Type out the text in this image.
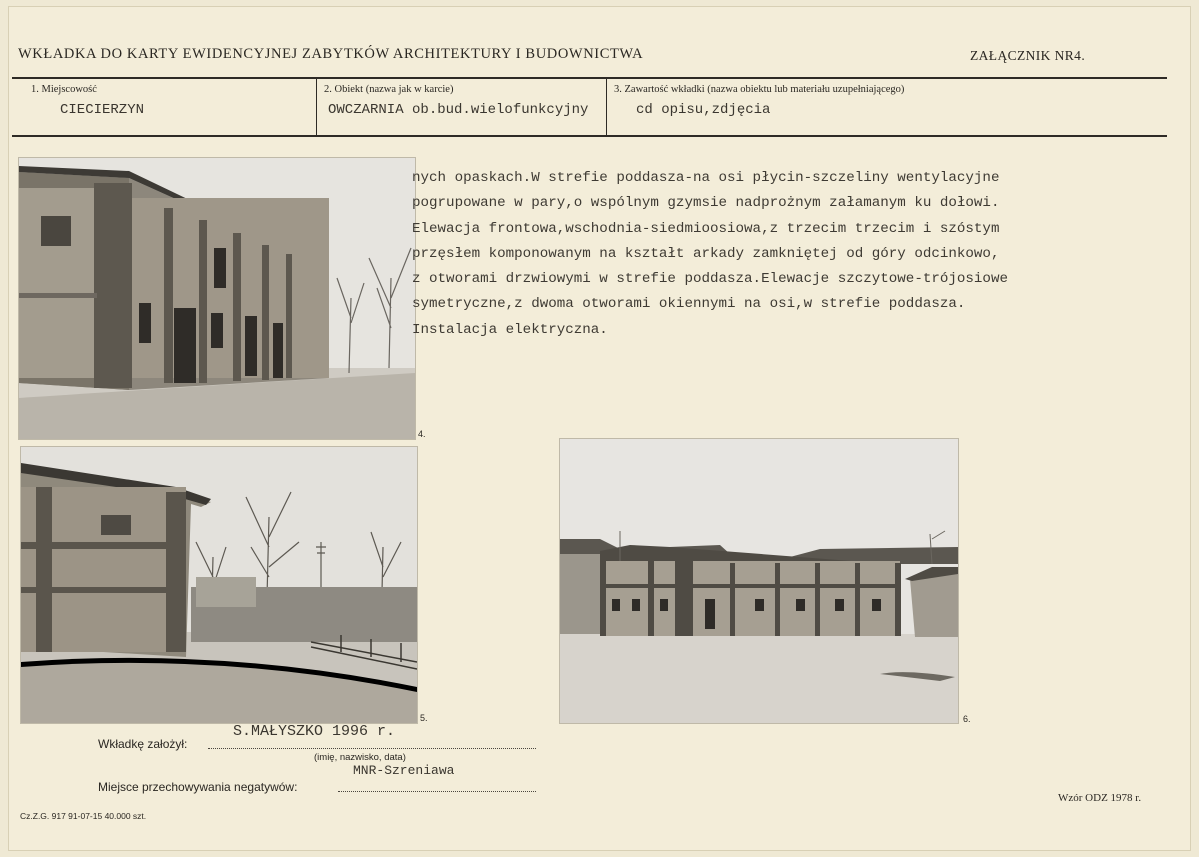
WKŁADKA DO KARTY EWIDENCYJNEJ ZABYTKÓW ARCHITEKTURY I BUDOWNICTWA	ZAŁĄCZNIK NR4.
1. Miejscowość
CIECIERZYN
2. Obiekt (nazwa jak w karcie)
OWCZARNIA ob.bud.wielofunkcyjny
3. Zawartość wkładki (nazwa obiektu lub materiału uzupełniającego)
cd opisu,zdjęcia
4.
5.	6.
nych opaskach.W strefie poddasza-na osi płycin-szczeliny wentylacyjne
pogrupowane w pary,o wspólnym gzymsie nadprożnym załamanym ku dołowi.
Elewacja frontowa,wschodnia-siedmioosiowa,z trzecim trzecim i szóstym
przęsłem komponowanym na kształt arkady zamkniętej od góry odcinkowo,
z otworami drzwiowymi w strefie poddasza.Elewacje szczytowe-trójosiowe
symetryczne,z dwoma otworami okiennymi na osi,w strefie poddasza.
Instalacja elektryczna.
S.MAŁYSZKO 1996 r.
Wkładkę założył:
(imię, nazwisko, data)
MNR-Szreniawa
Miejsce przechowywania negatywów:
Cz.Z.G. 917 91-07-15 40.000 szt.
Wzór ODZ 1978 r.
